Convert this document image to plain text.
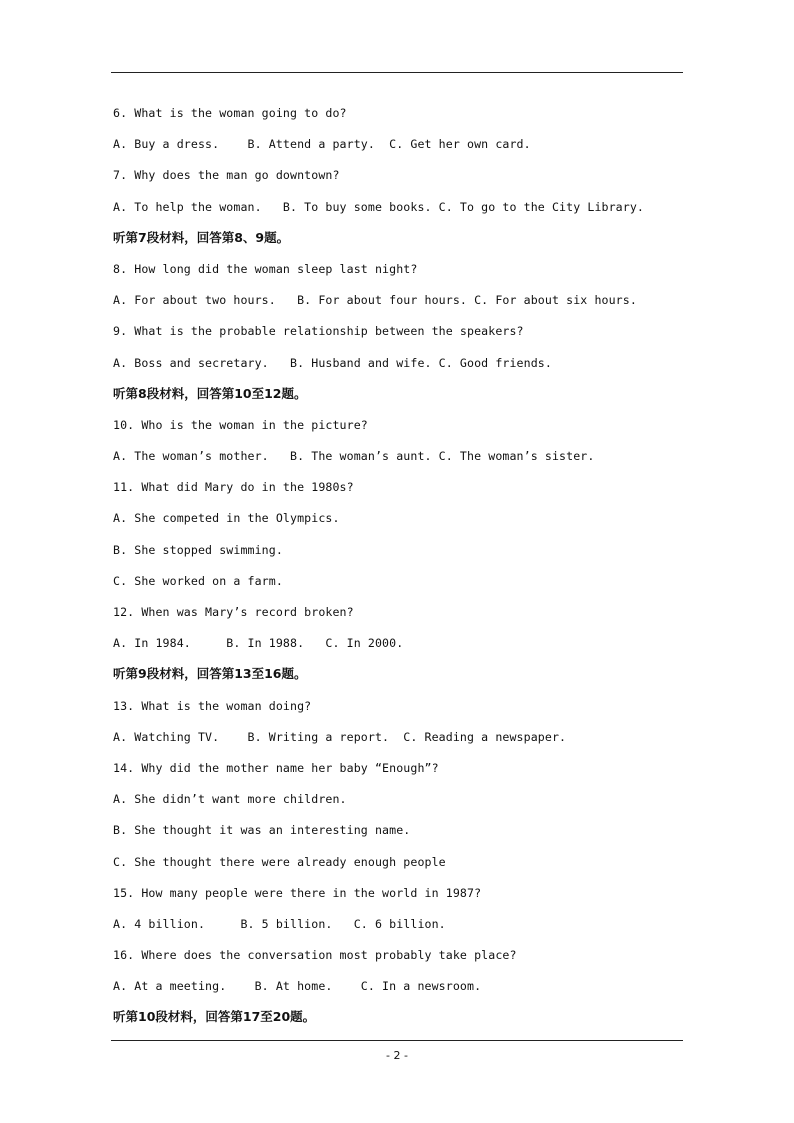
6. What is the woman going to do?
A. Buy a dress.    B. Attend a party.  C. Get her own card.
7. Why does the man go downtown?
A. To help the woman.   B. To buy some books. C. To go to the City Library.
听第7段材料，回答第8、9题。
8. How long did the woman sleep last night?
A. For about two hours.   B. For about four hours. C. For about six hours.
9. What is the probable relationship between the speakers?
A. Boss and secretary.   B. Husband and wife. C. Good friends.
听第8段材料，回答第10至12题。
10. Who is the woman in the picture?
A. The woman’s mother.   B. The woman’s aunt. C. The woman’s sister.
11. What did Mary do in the 1980s?
A. She competed in the Olympics.
B. She stopped swimming.
C. She worked on a farm.
12. When was Mary’s record broken?
A. In 1984.     B. In 1988.   C. In 2000.
听第9段材料，回答第13至16题。
13. What is the woman doing?
A. Watching TV.    B. Writing a report.  C. Reading a newspaper.
14. Why did the mother name her baby “Enough”?
A. She didn’t want more children.
B. She thought it was an interesting name.
C. She thought there were already enough people
15. How many people were there in the world in 1987?
A. 4 billion.     B. 5 billion.   C. 6 billion.
16. Where does the conversation most probably take place?
A. At a meeting.    B. At home.    C. In a newsroom.
听第10段材料，回答第17至20题。
- 2 -
